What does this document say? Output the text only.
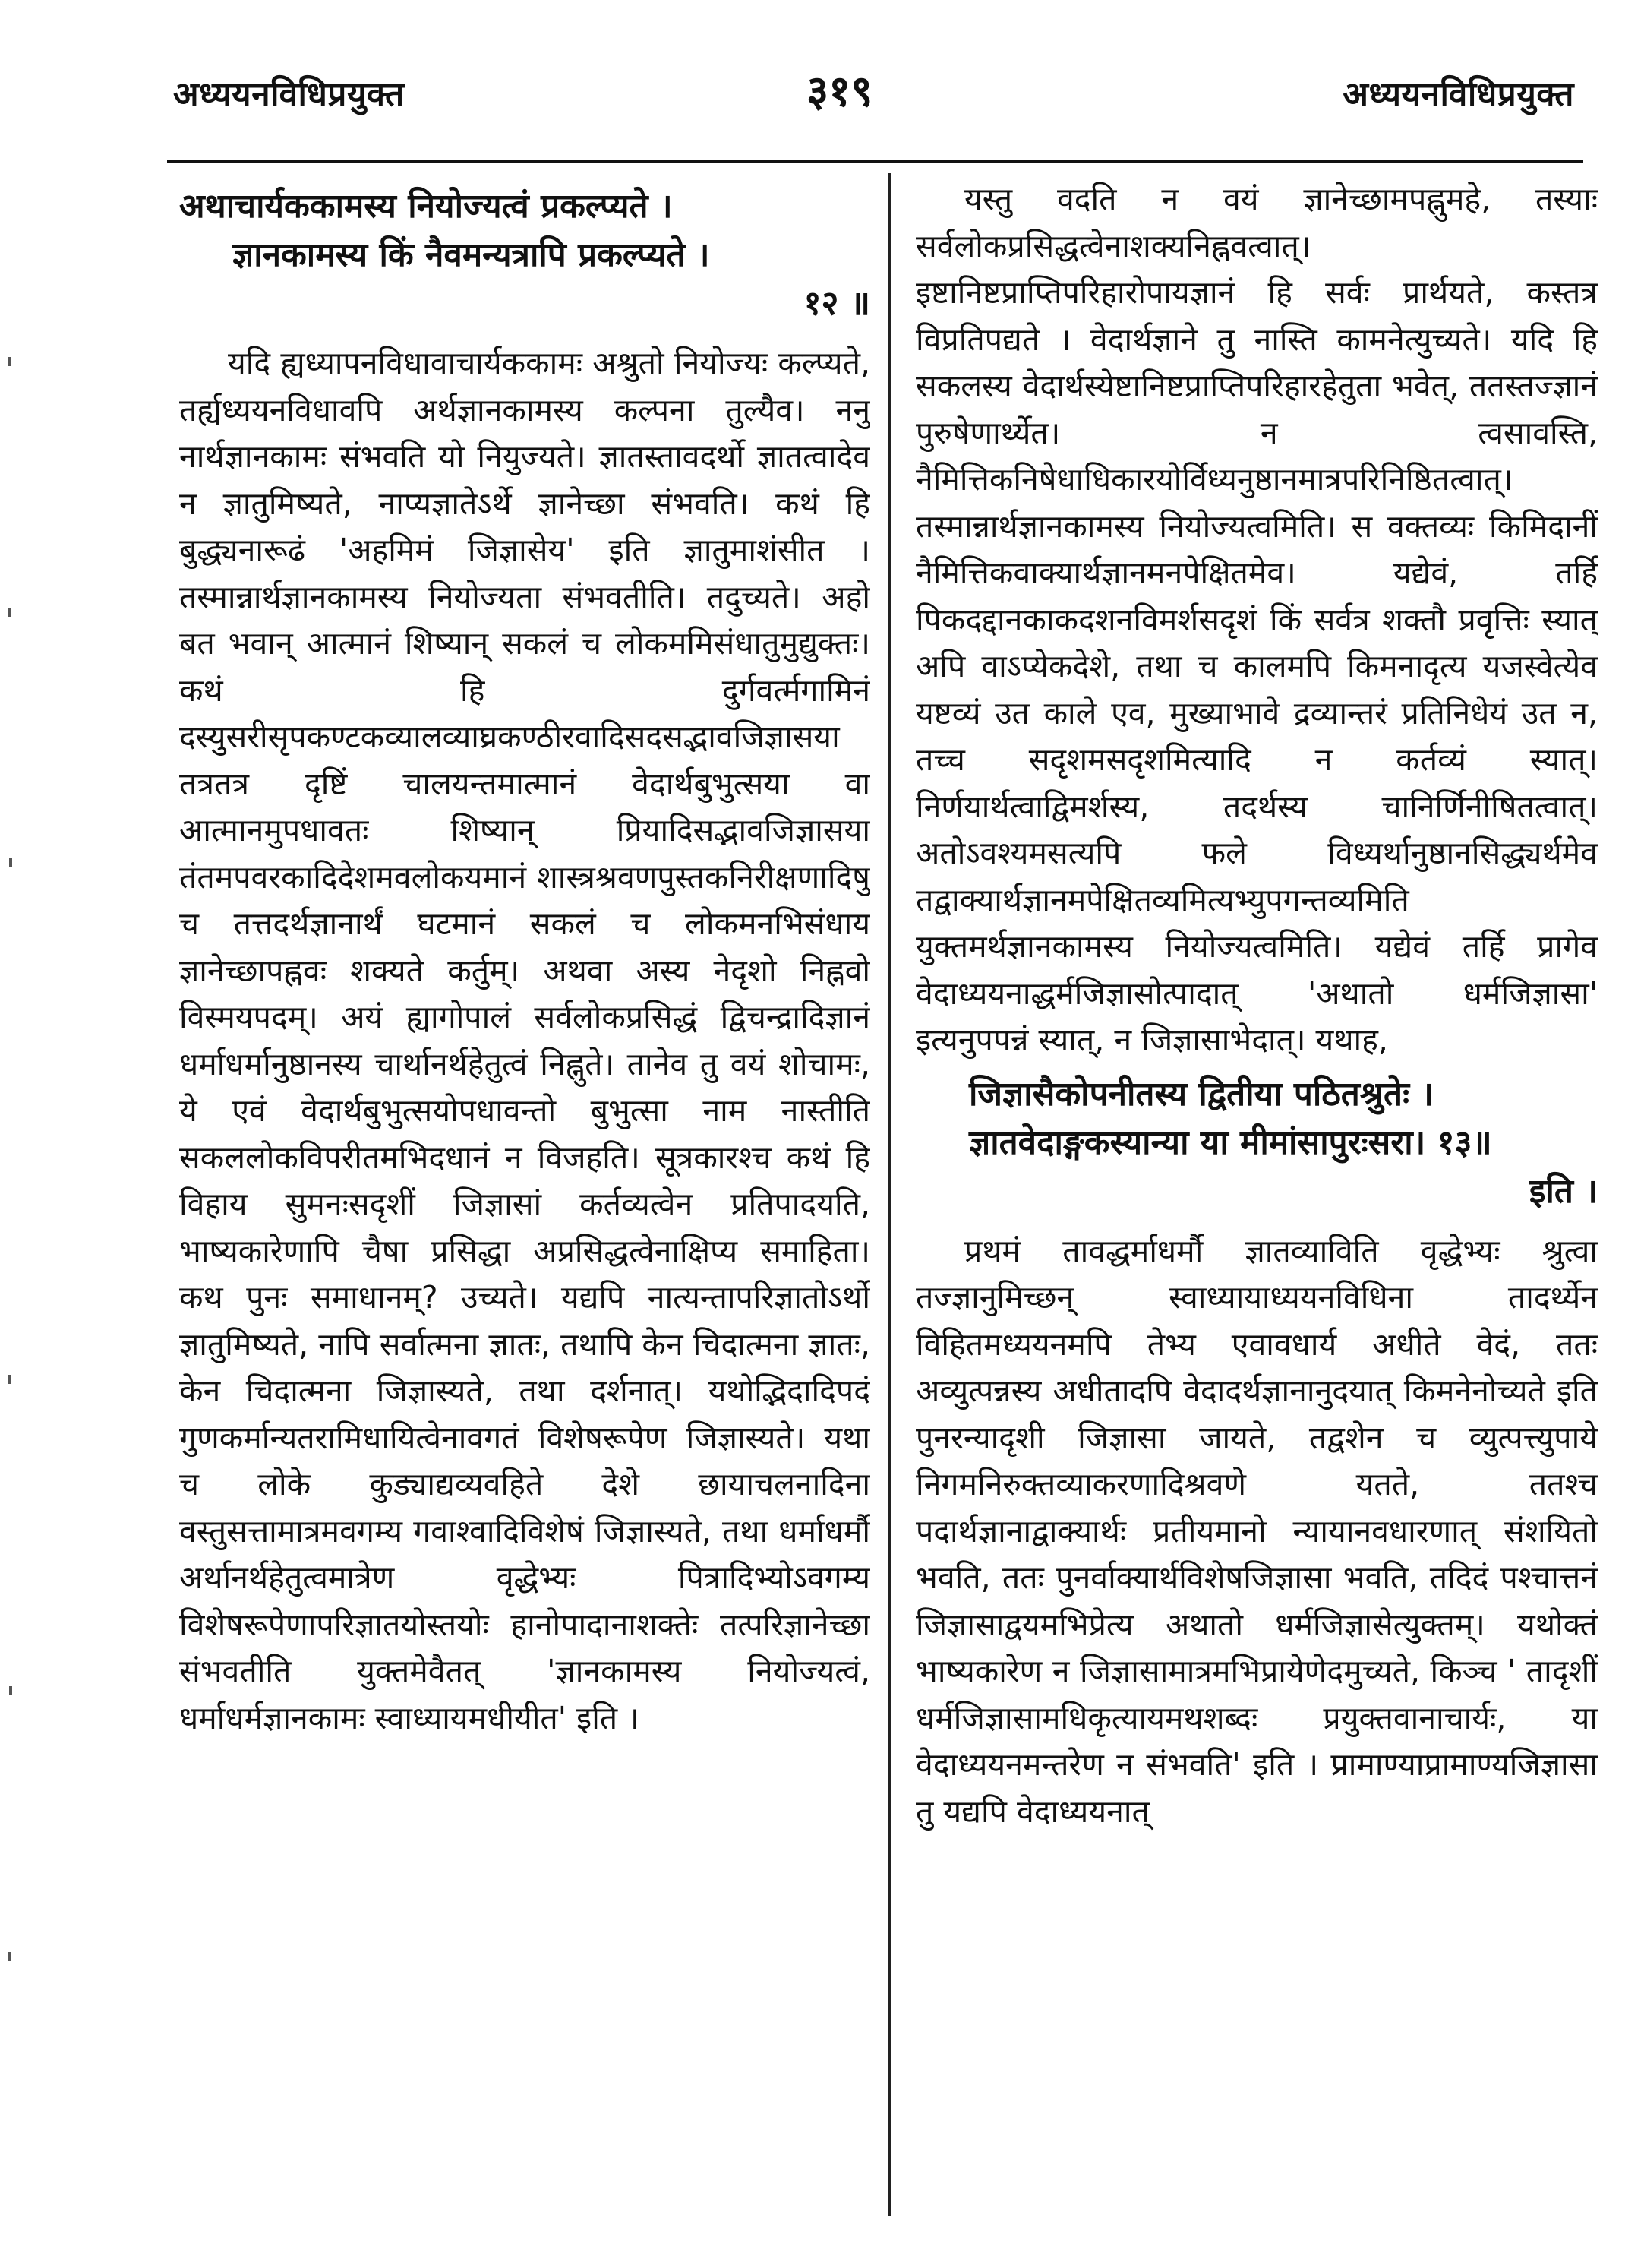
अध्ययनविधिप्रयुक्त	३१९	अध्ययनविधिप्रयुक्त

अथाचार्यककामस्य नियोज्यत्वं प्रकल्प्यते ।
ज्ञानकामस्य किं नैवमन्यत्रापि प्रकल्प्यते ।
१२ ॥

यदि ह्यध्यापनविधावाचार्यककामः अश्रुतो नियोज्यः कल्प्यते, तर्ह्यध्ययनविधावपि अर्थज्ञानकामस्य कल्पना तुल्यैव। ननु नार्थज्ञानकामः संभवति यो नियुज्यते। ज्ञातस्तावदर्थो ज्ञातत्वादेव न ज्ञातुमिष्यते, नाप्यज्ञातेऽर्थे ज्ञानेच्छा संभवति। कथं हि बुद्ध्यनारूढं 'अहमिमं जिज्ञासेय' इति ज्ञातुमाशंसीत । तस्मान्नार्थज्ञानकामस्य नियोज्यता संभवतीति। तदुच्यते। अहो बत भवान् आत्मानं शिष्यान् सकलं च लोकममिसंधातुमुद्युक्तः। कथं हि दुर्गवर्त्मगामिनं दस्युसरीसृपकण्टकव्यालव्याघ्रकण्ठीरवादिसदसद्भावजिज्ञासया तत्रतत्र दृष्टिं चालयन्तमात्मानं वेदार्थबुभुत्सया वा आत्मानमुपधावतः शिष्यान् प्रियादिसद्भावजिज्ञासया तंतमपवरकादिदेशमवलोकयमानं शास्त्रश्रवणपुस्तकनिरीक्षणादिषु च तत्तदर्थज्ञानार्थं घटमानं सकलं च लोकमनभिसंधाय ज्ञानेच्छापह्नवः शक्यते कर्तुम्। अथवा अस्य नेदृशो निह्नवो विस्मयपदम्। अयं ह्यागोपालं सर्वलोकप्रसिद्धं द्विचन्द्रादिज्ञानं धर्माधर्मानुष्ठानस्य चार्थानर्थहेतुत्वं निह्नुते। तानेव तु वयं शोचामः, ये एवं वेदार्थबुभुत्सयोपधावन्तो बुभुत्सा नाम नास्तीति सकललोकविपरीतमभिदधानं न विजहति। सूत्रकारश्च कथं हि विहाय सुमनःसदृशीं जिज्ञासां कर्तव्यत्वेन प्रतिपादयति, भाष्यकारेणापि चैषा प्रसिद्धा अप्रसिद्धत्वेनाक्षिप्य समाहिता। कथ पुनः समाधानम्? उच्यते। यद्यपि नात्यन्तापरिज्ञातोऽर्थो ज्ञातुमिष्यते, नापि सर्वात्मना ज्ञातः, तथापि केन चिदात्मना ज्ञातः, केन चिदात्मना जिज्ञास्यते, तथा दर्शनात्। यथोद्भिदादिपदं गुणकर्मान्यतरामिधायित्वेनावगतं विशेषरूपेण जिज्ञास्यते। यथा च लोके कुड्याद्यव्यवहिते देशे छायाचलनादिना वस्तुसत्तामात्रमवगम्य गवाश्वादिविशेषं जिज्ञास्यते, तथा धर्माधर्मौ अर्थानर्थहेतुत्वमात्रेण वृद्धेभ्यः पित्रादिभ्योऽवगम्य विशेषरूपेणापरिज्ञातयोस्तयोः हानोपादानाशक्तेः तत्परिज्ञानेच्छा संभवतीति युक्तमेवैतत् 'ज्ञानकामस्य नियोज्यत्वं, धर्माधर्मज्ञानकामः स्वाध्यायमधीयीत' इति ।

यस्तु वदति न वयं ज्ञानेच्छामपह्नुमहे, तस्याः सर्वलोकप्रसिद्धत्वेनाशक्यनिह्नवत्वात्। इष्टानिष्टप्राप्तिपरिहारोपायज्ञानं हि सर्वः प्रार्थयते, कस्तत्र विप्रतिपद्यते । वेदार्थज्ञाने तु नास्ति कामनेत्युच्यते। यदि हि सकलस्य वेदार्थस्येष्टानिष्टप्राप्तिपरिहारहेतुता भवेत्, ततस्तज्ज्ञानं पुरुषेणार्थ्येत। न त्वसावस्ति, नैमित्तिकनिषेधाधिकारयोर्विध्यनुष्ठानमात्रपरिनिष्ठितत्वात्। तस्मान्नार्थज्ञानकामस्य नियोज्यत्वमिति। स वक्तव्यः किमिदानीं नैमित्तिकवाक्यार्थज्ञानमनपेक्षितमेव। यद्येवं, तर्हि पिकदद्दानकाकदशनविमर्शसदृशं किं सर्वत्र शक्तौ प्रवृत्तिः स्यात् अपि वाऽप्येकदेशे, तथा च कालमपि किमनादृत्य यजस्वेत्येव यष्टव्यं उत काले एव, मुख्याभावे द्रव्यान्तरं प्रतिनिधेयं उत न, तच्च सदृशमसदृशमित्यादि न कर्तव्यं स्यात्। निर्णयार्थत्वाद्विमर्शस्य, तदर्थस्य चानिर्णिनीषितत्वात्। अतोऽवश्यमसत्यपि फले विध्यर्थानुष्ठानसिद्ध्यर्थमेव तद्वाक्यार्थज्ञानमपेक्षितव्यमित्यभ्युपगन्तव्यमिति युक्तमर्थज्ञानकामस्य नियोज्यत्वमिति। यद्येवं तर्हि प्रागेव वेदाध्ययनाद्धर्मजिज्ञासोत्पादात् 'अथातो धर्मजिज्ञासा' इत्यनुपपन्नं स्यात्, न जिज्ञासाभेदात्। यथाह,

जिज्ञासैकोपनीतस्य द्वितीया पठितश्रुतेः ।
ज्ञातवेदाङ्गकस्यान्या या मीमांसापुरःसरा। १३॥
इति ।

प्रथमं तावद्धर्माधर्मौ ज्ञातव्याविति वृद्धेभ्यः श्रुत्वा तज्ज्ञानुमिच्छन् स्वाध्यायाध्ययनविधिना तादर्थ्येन विहितमध्ययनमपि तेभ्य एवावधार्य अधीते वेदं, ततः अव्युत्पन्नस्य अधीतादपि वेदादर्थज्ञानानुदयात् किमनेनोच्यते इति पुनरन्यादृशी जिज्ञासा जायते, तद्वशेन च व्युत्पत्त्युपाये निगमनिरुक्तव्याकरणादिश्रवणे यतते, ततश्च पदार्थज्ञानाद्वाक्यार्थः प्रतीयमानो न्यायानवधारणात् संशयितो भवति, ततः पुनर्वाक्यार्थविशेषजिज्ञासा भवति, तदिदं पश्चात्तनं जिज्ञासाद्वयमभिप्रेत्य अथातो धर्मजिज्ञासेत्युक्तम्। यथोक्तं भाष्यकारेण न जिज्ञासामात्रमभिप्रायेणेदमुच्यते, किञ्च ' तादृशीं धर्मजिज्ञासामधिकृत्यायमथशब्दः प्रयुक्तवानाचार्यः, या वेदाध्ययनमन्तरेण न संभवति' इति । प्रामाण्याप्रामाण्यजिज्ञासा तु यद्यपि वेदाध्ययनात्
